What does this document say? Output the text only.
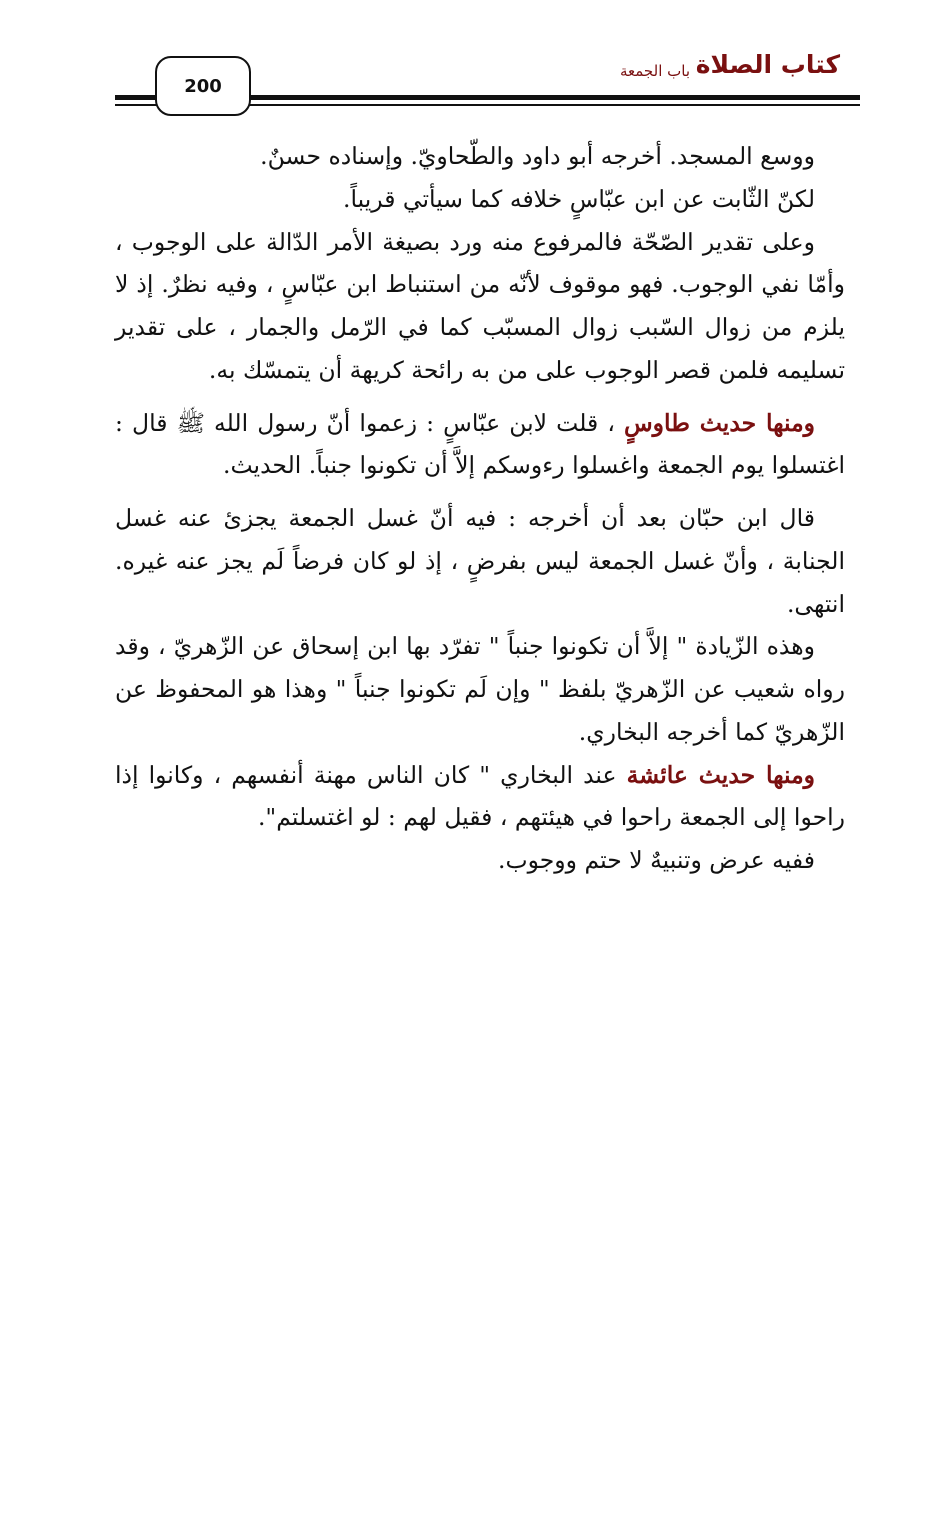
كتاب الصلاة
باب الجمعة
200

ووسع المسجد. أخرجه أبو داود والطّحاويّ. وإسناده حسنٌ.

لكنّ الثّابت عن ابن عبّاسٍ خلافه كما سيأتي قريباً.

وعلى تقدير الصّحّة فالمرفوع منه ورد بصيغة الأمر الدّالة على الوجوب ، وأمّا نفي الوجوب. فهو موقوف لأنّه من استنباط ابن عبّاسٍ ، وفيه نظرٌ. إذ لا يلزم من زوال السّبب زوال المسبّب كما في الرّمل والجمار ، على تقدير تسليمه فلمن قصر الوجوب على من به رائحة كريهة أن يتمسّك به.

ومنها حديث طاوسٍ ، قلت لابن عبّاسٍ : زعموا أنّ رسول الله ﷺ قال : اغتسلوا يوم الجمعة واغسلوا رءوسكم إلاَّ أن تكونوا جنباً. الحديث.

قال ابن حبّان بعد أن أخرجه : فيه أنّ غسل الجمعة يجزئ عنه غسل الجنابة ، وأنّ غسل الجمعة ليس بفرضٍ ، إذ لو كان فرضاً لَم يجز عنه غيره. انتهى.

وهذه الزّيادة " إلاَّ أن تكونوا جنباً " تفرّد بها ابن إسحاق عن الزّهريّ ، وقد رواه شعيب عن الزّهريّ بلفظ " وإن لَم تكونوا جنباً " وهذا هو المحفوظ عن الزّهريّ كما أخرجه البخاري.

ومنها حديث عائشة عند البخاري " كان الناس مهنة أنفسهم ، وكانوا إذا راحوا إلى الجمعة راحوا في هيئتهم ، فقيل لهم : لو اغتسلتم".

ففيه عرض وتنبيهٌ لا حتم ووجوب.
